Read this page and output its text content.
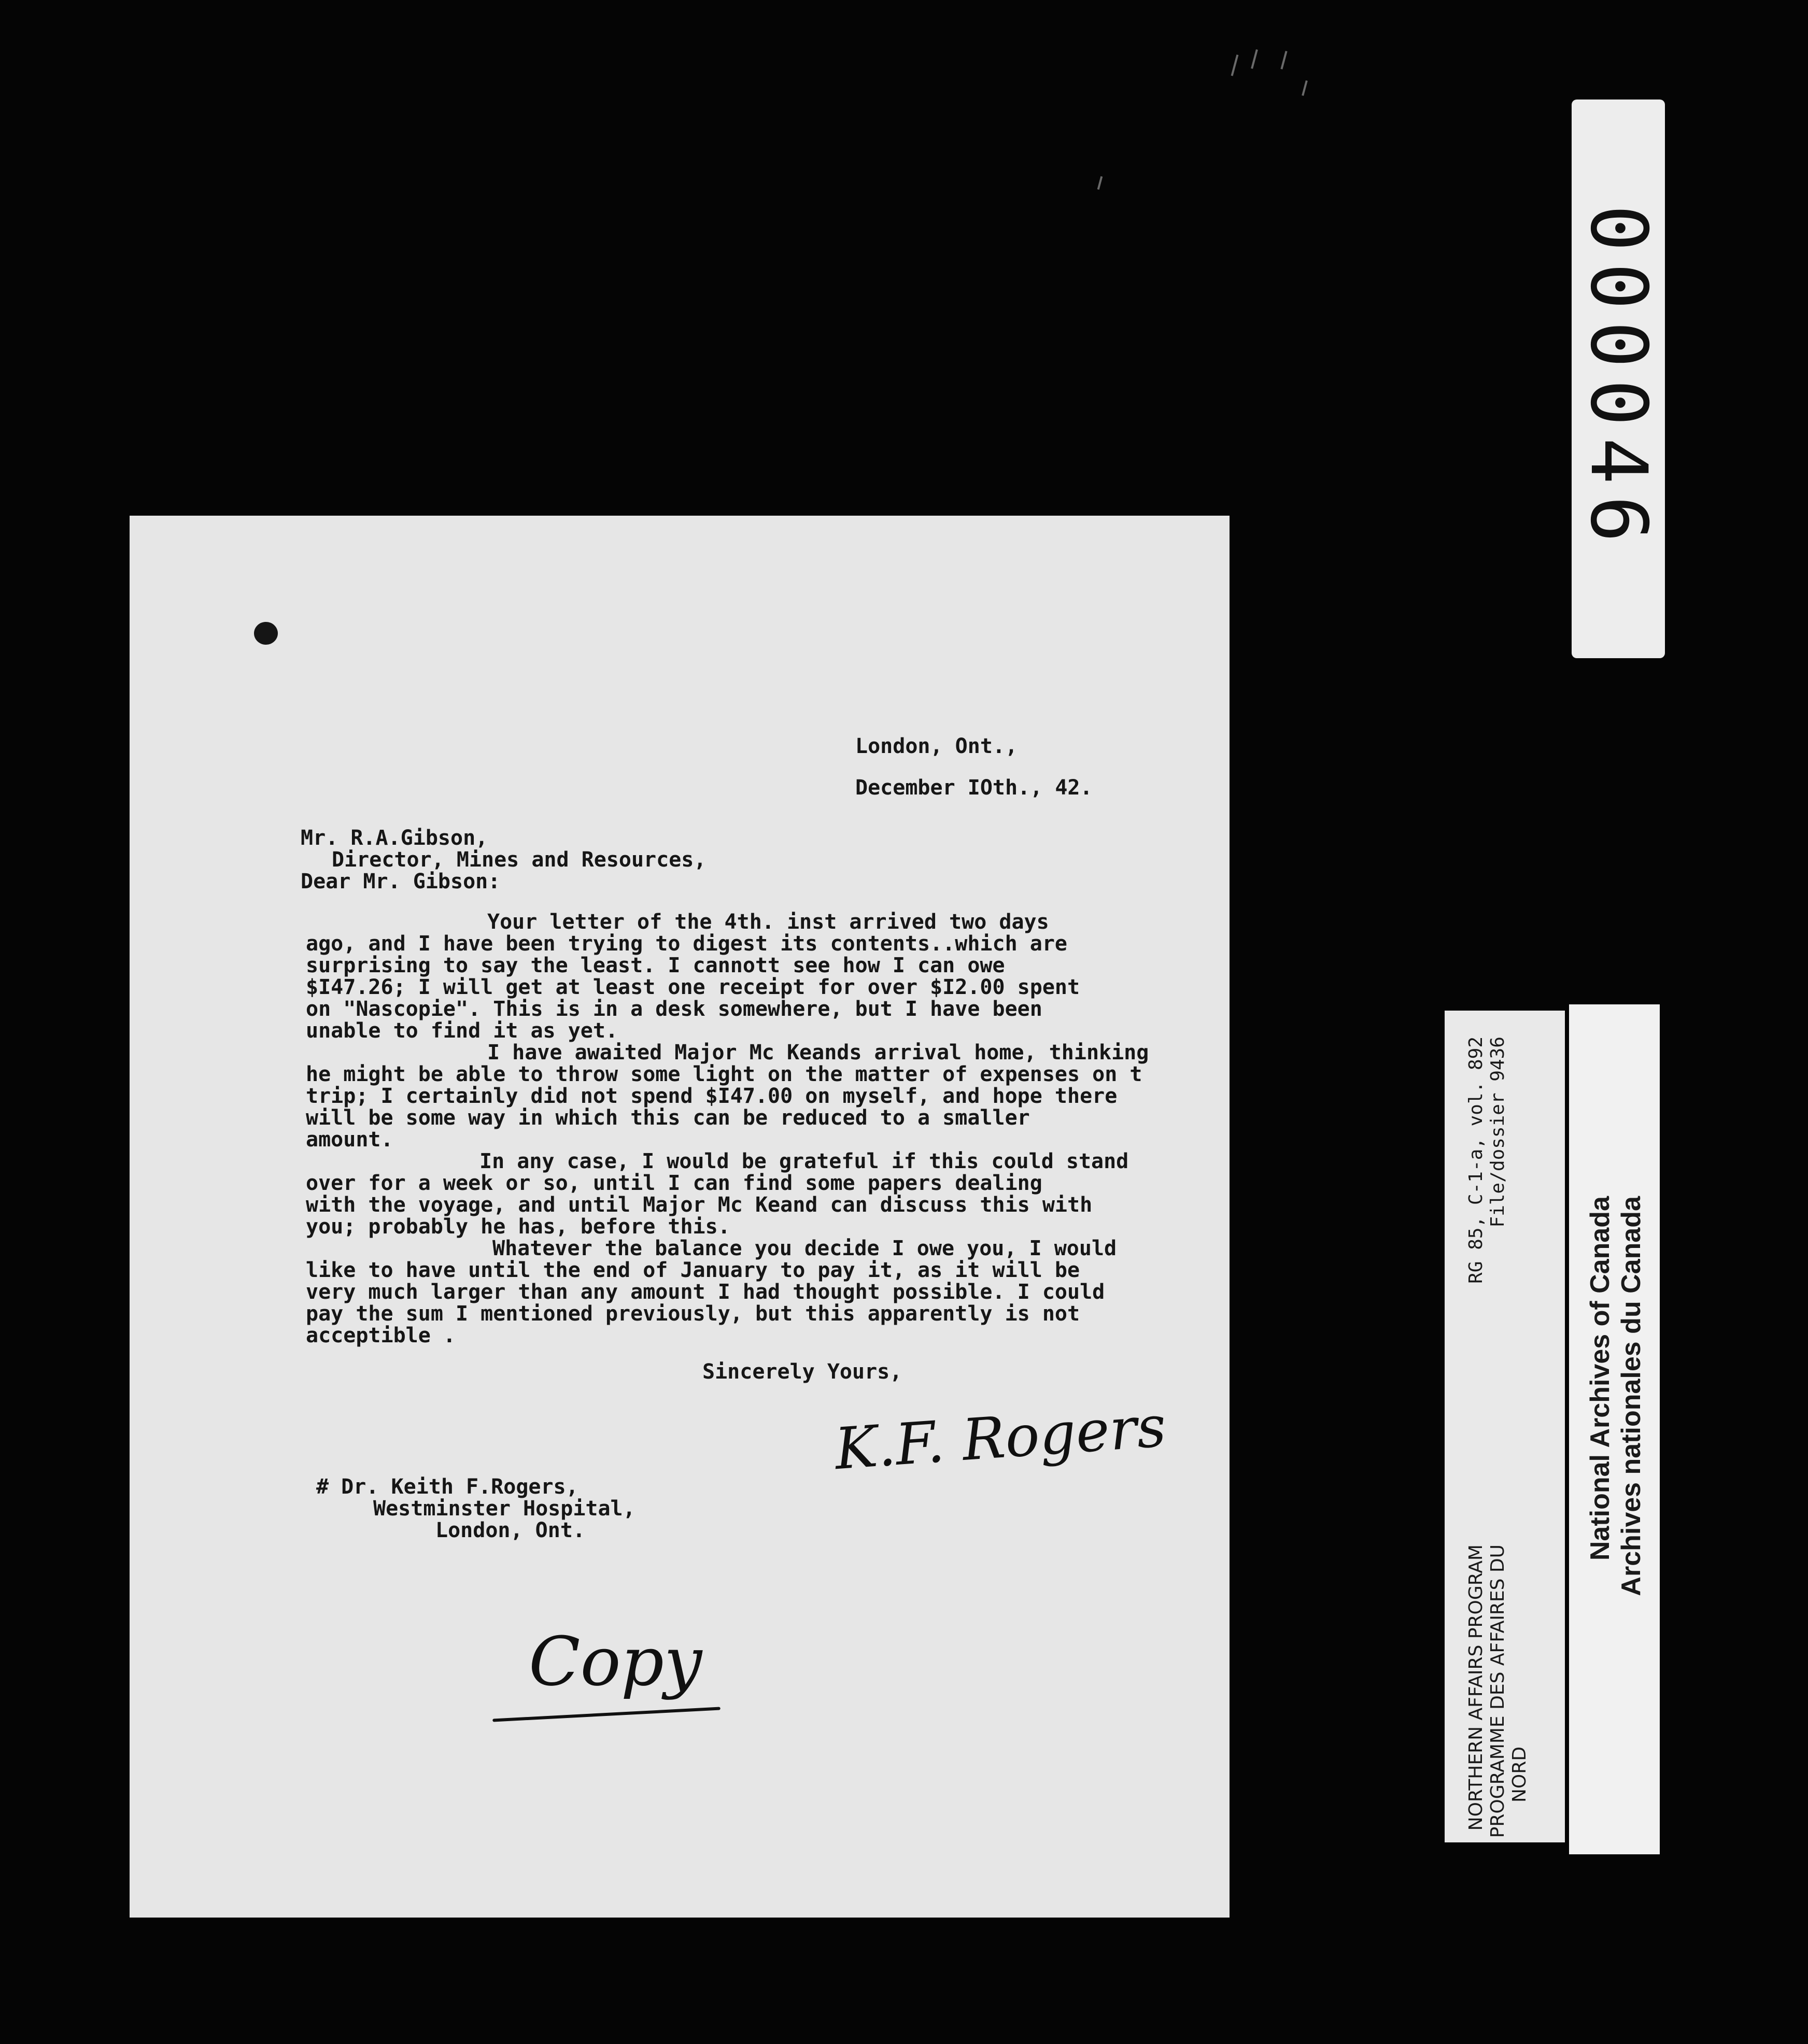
London, Ont.,
December IOth., 42.
Mr. R.A.Gibson,
Director, Mines and Resources,
Dear Mr. Gibson:
Your letter of the 4th. inst arrived two days
ago, and I have been trying to digest its contents..which are
surprising to say the least. I cannott see how I can owe
$I47.26; I will get at least one receipt for over $I2.00 spent
on "Nascopie". This is in a desk somewhere, but I have been
unable to find it as yet.
I have awaited Major Mc Keands arrival home, thinking
he might be able to throw some light on the matter of expenses on t
trip; I certainly did not spend $I47.00 on myself, and hope there
will be some way in which this can be reduced to a smaller
amount.
In any case, I would be grateful if this could stand
over for a week or so, until I can find some papers dealing
with the voyage, and until Major Mc Keand can discuss this with
you; probably he has, before this.
Whatever the balance you decide I owe you, I would
like to have until the end of January to pay it, as it will be
very much larger than any amount I had thought possible. I could
pay the sum I mentioned previously, but this apparently is not
acceptible .
Sincerely Yours,
K.F. Rogers
# Dr. Keith F.Rogers,
Westminster Hospital,
London, Ont.
Copy
000046
RG 85, C-1-a, vol. 892 File/dossier 9436
NORTHERN AFFAIRS PROGRAM PROGRAMME DES AFFAIRES DU NORD
National Archives of Canada Archives nationales du Canada
